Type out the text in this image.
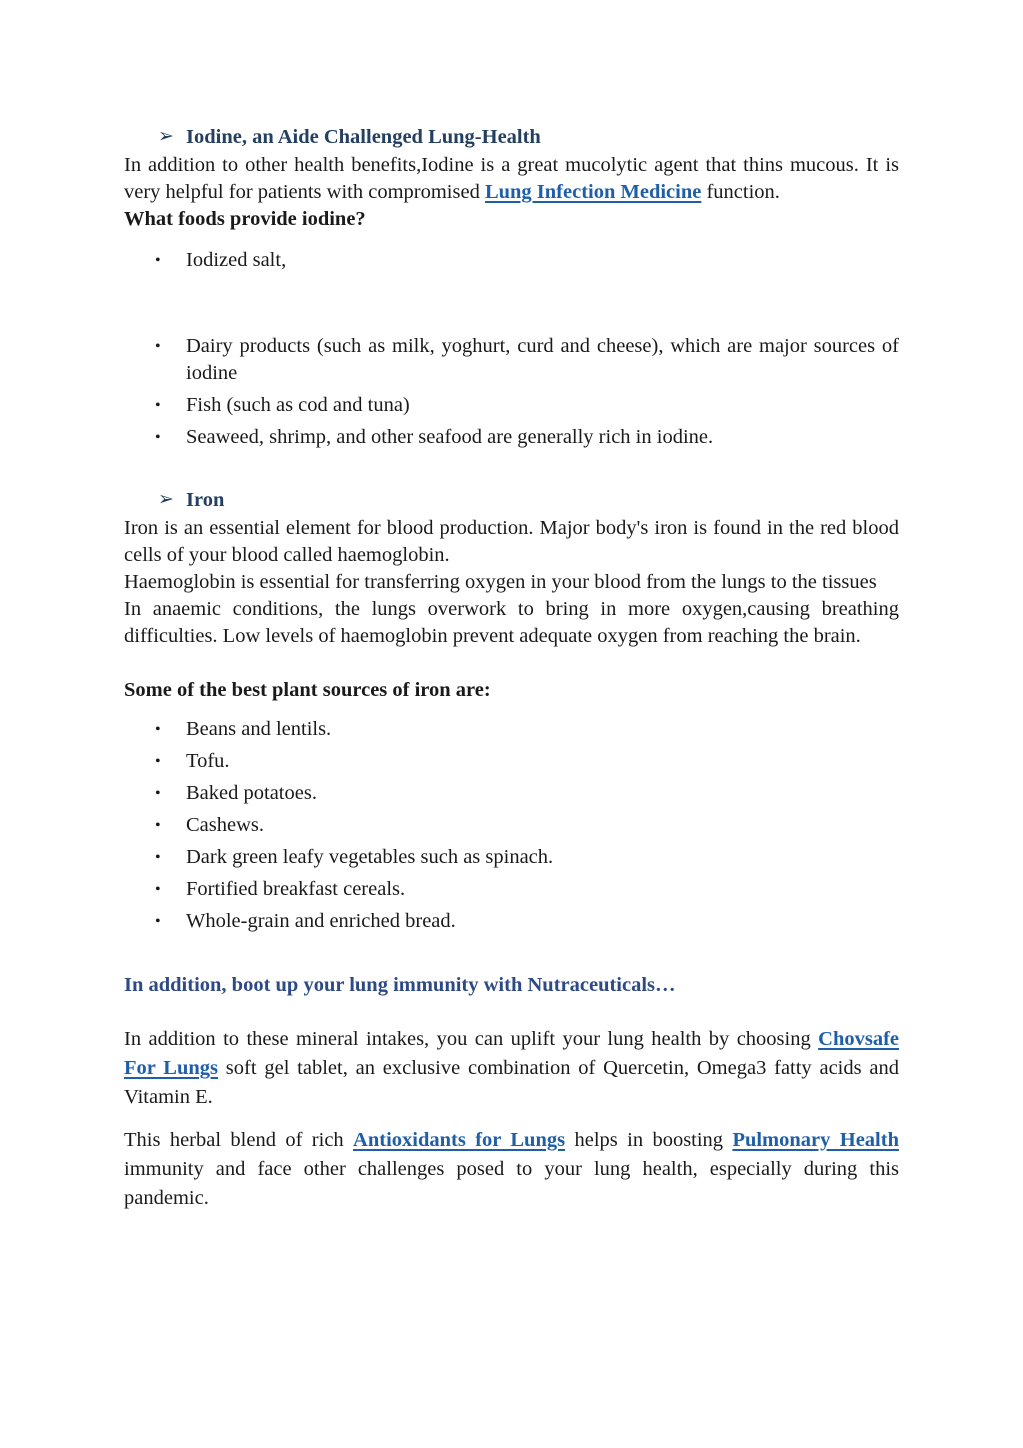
➢ Iodine, an Aide Challenged Lung-Health

In addition to other health benefits,Iodine is a great mucolytic agent that thins mucous. It is very helpful for patients with compromised Lung Infection Medicine function.

What foods provide iodine?

• Iodized salt,
• Dairy products (such as milk, yoghurt, curd and cheese), which are major sources of iodine
• Fish (such as cod and tuna)
• Seaweed, shrimp, and other seafood are generally rich in iodine.
➢ Iron

Iron is an essential element for blood production. Major body's iron is found in the red blood cells of your blood called haemoglobin.

Haemoglobin is essential for transferring oxygen in your blood from the lungs to the tissues

In anaemic conditions, the lungs overwork to bring in more oxygen,causing breathing difficulties. Low levels of haemoglobin prevent adequate oxygen from reaching the brain.

Some of the best plant sources of iron are:

• Beans and lentils.
• Tofu.
• Baked potatoes.
• Cashews.
• Dark green leafy vegetables such as spinach.
• Fortified breakfast cereals.
• Whole-grain and enriched bread.

In addition, boot up your lung immunity with Nutraceuticals…

In addition to these mineral intakes, you can uplift your lung health by choosing Chovsafe For Lungs soft gel tablet, an exclusive combination of Quercetin, Omega3 fatty acids and Vitamin E.

This herbal blend of rich Antioxidants for Lungs helps in boosting Pulmonary Health immunity and face other challenges posed to your lung health, especially during this pandemic.
